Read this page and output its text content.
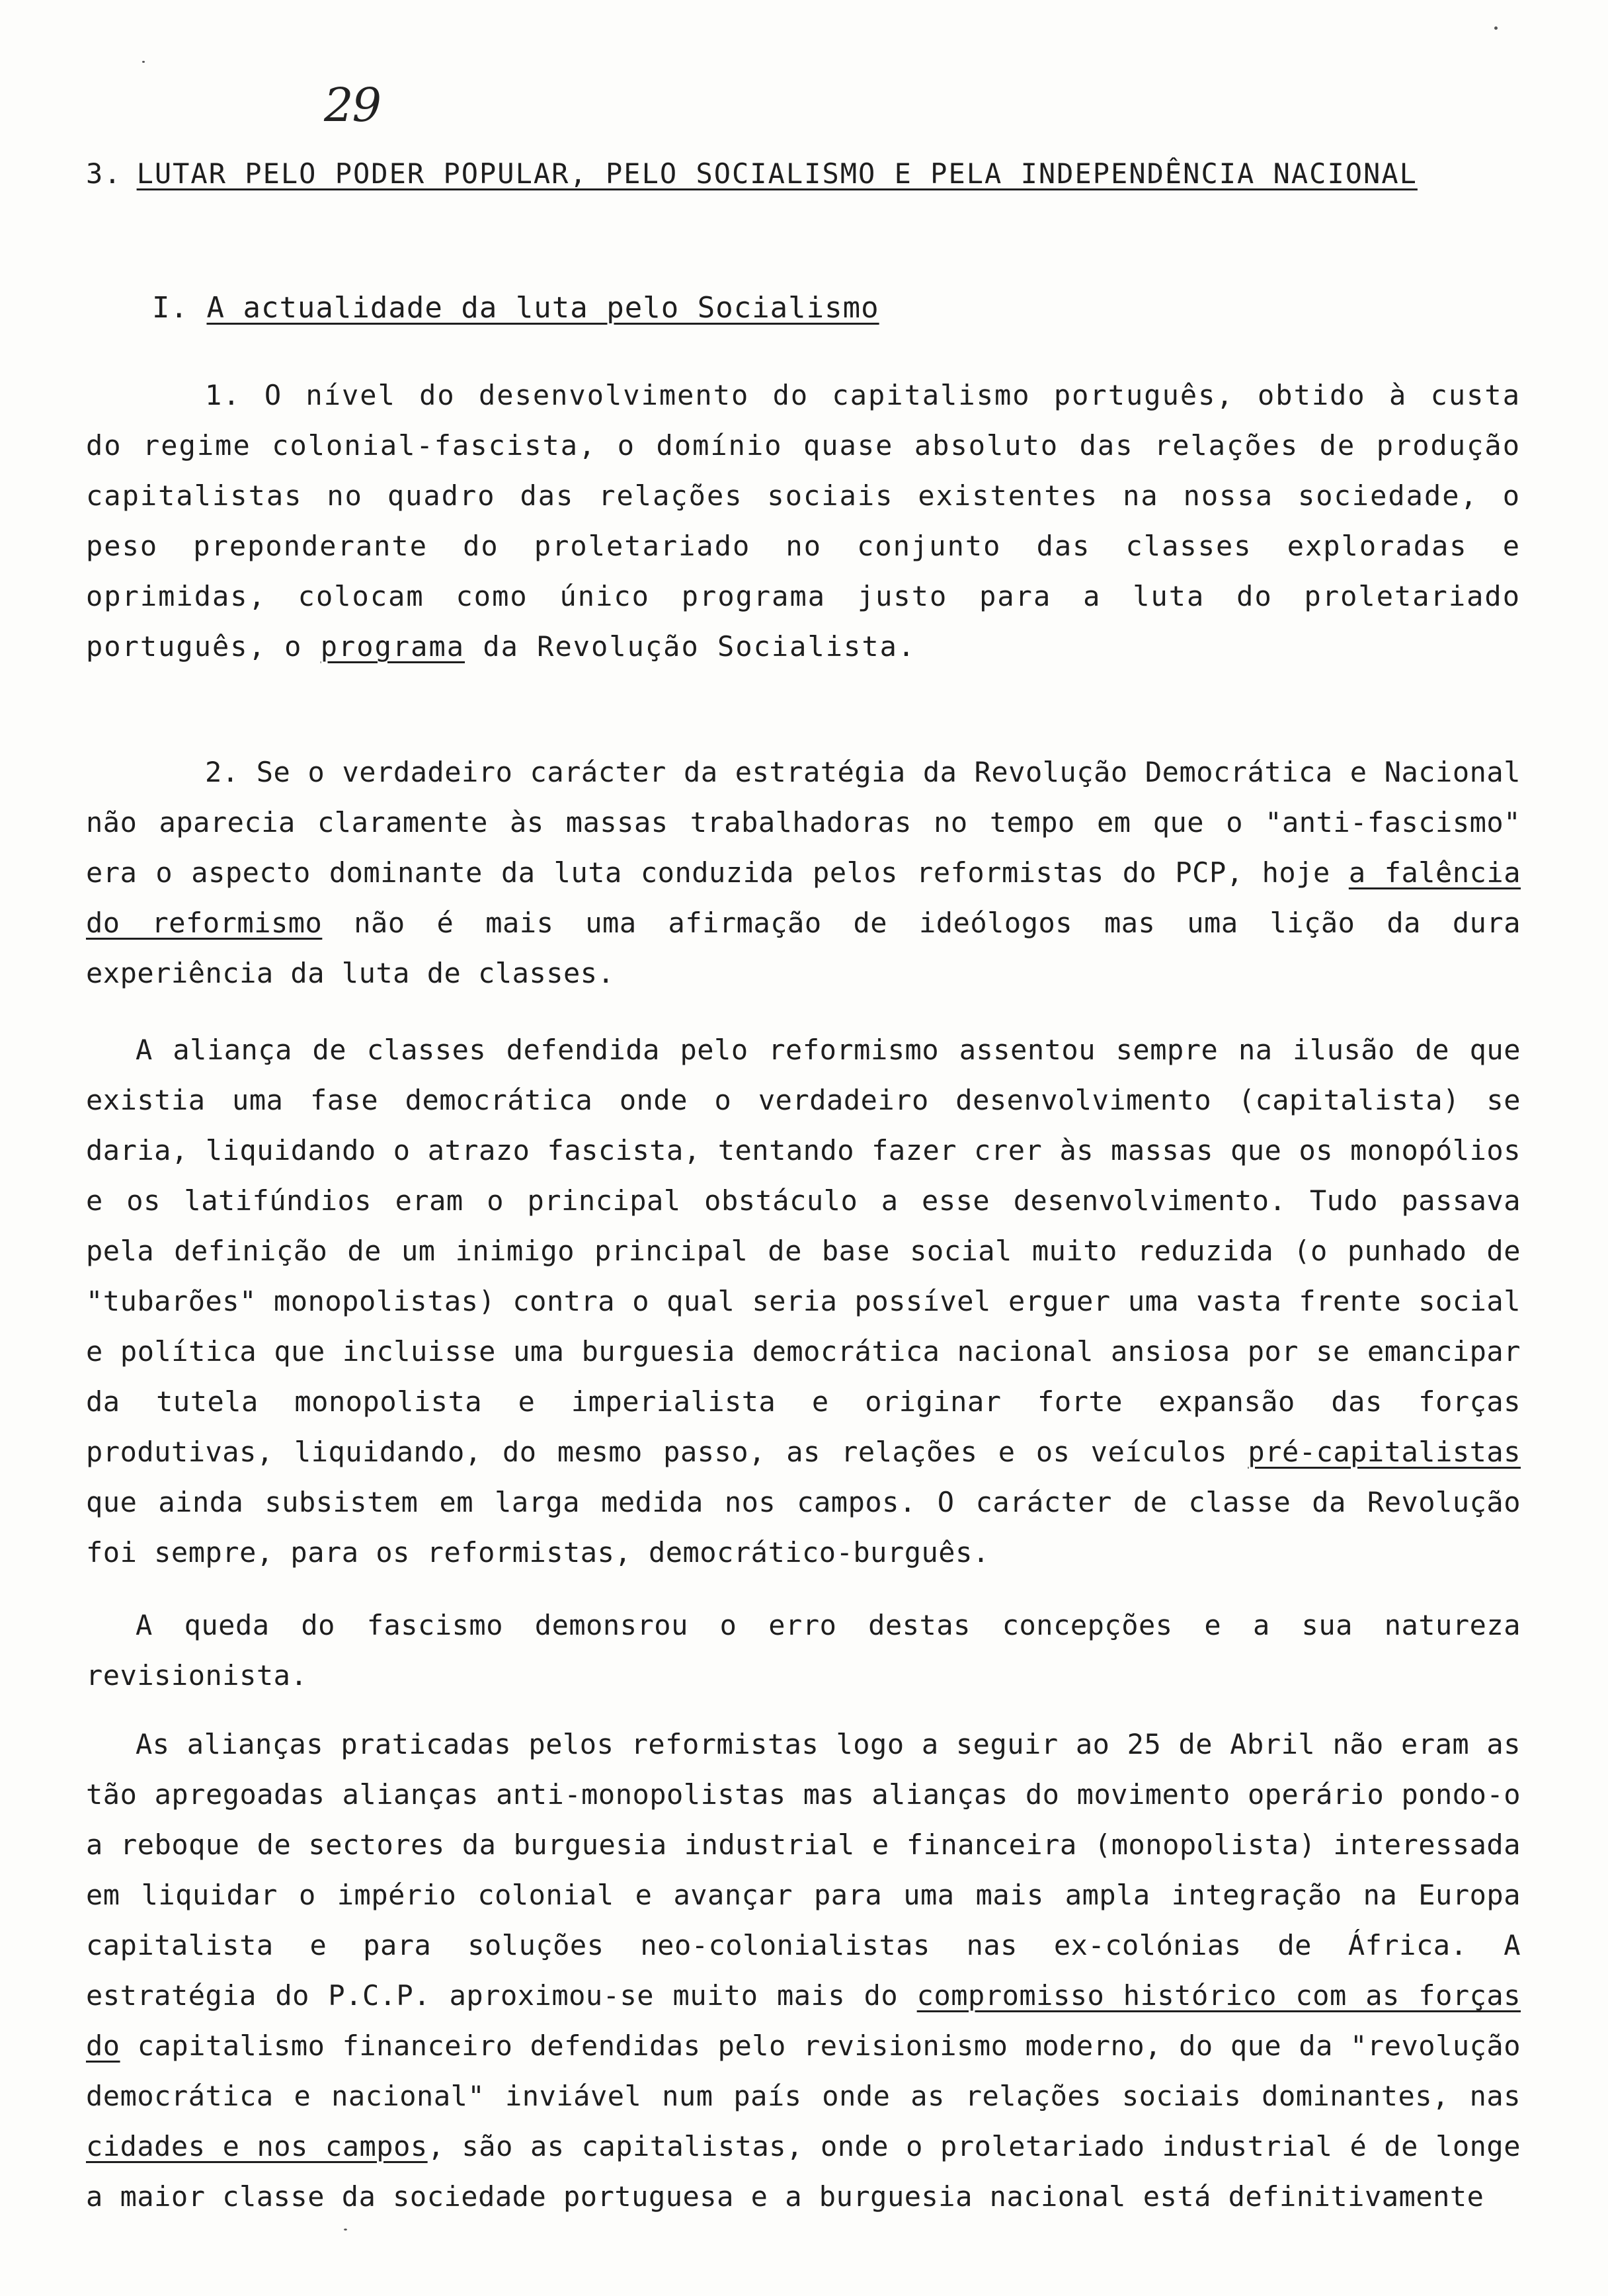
29
3. LUTAR PELO PODER POPULAR, PELO SOCIALISMO E PELA INDEPENDÊNCIA NACIONAL
I. A actualidade da luta pelo Socialismo

1. O nível do desenvolvimento do capitalismo português, obtido à custa do regime colonial-fascista, o domínio quase absoluto das relações de produção capitalistas no quadro das relações sociais existentes na nossa sociedade, o peso preponderante do proletariado no conjunto das classes exploradas e oprimidas, colocam como único programa justo para a luta do proletariado português, o programa da Revolução Socialista.

2. Se o verdadeiro carácter da estratégia da Revolução Democrática e Nacional não aparecia claramente às massas trabalhadoras no tempo em que o "anti-fascismo" era o aspecto dominante da luta conduzida pelos reformistas do PCP, hoje a falência do reformismo não é mais uma afirmação de ideólogos mas uma lição da dura experiência da luta de classes.

A aliança de classes defendida pelo reformismo assentou sempre na ilusão de que existia uma fase democrática onde o verdadeiro desenvolvimento (capitalista) se daria, liquidando o atrazo fascista, tentando fazer crer às massas que os monopólios e os latifúndios eram o principal obstáculo a esse desenvolvimento. Tudo passava pela definição de um inimigo principal de base social muito reduzida (o punhado de "tubarões" monopolistas) contra o qual seria possível erguer uma vasta frente social e política que incluisse uma burguesia democrática nacional ansiosa por se emancipar da tutela monopolista e imperialista e originar forte expansão das forças produtivas, liquidando, do mesmo passo, as relações e os veículos pré-capitalistas que ainda subsistem em larga medida nos campos. O carácter de classe da Revolução foi sempre, para os reformistas, democrático-burguês.

A queda do fascismo demonsrou o erro destas concepções e a sua natureza revisionista.

As alianças praticadas pelos reformistas logo a seguir ao 25 de Abril não eram as tão apregoadas alianças anti-monopolistas mas alianças do movimento operário pondo-o a reboque de sectores da burguesia industrial e financeira (monopolista) interessada em liquidar o império colonial e avançar para uma mais ampla integração na Europa capitalista e para soluções neo-colonialistas nas ex-colónias de África. A estratégia do P.C.P. aproximou-se muito mais do compromisso histórico com as forças do capitalismo financeiro defendidas pelo revisionismo moderno, do que da "revolução democrática e nacional" inviável num país onde as relações sociais dominantes, nas cidades e nos campos, são as capitalistas, onde o proletariado industrial é de longe a maior classe da sociedade portuguesa e a burguesia nacional está definitivamente
